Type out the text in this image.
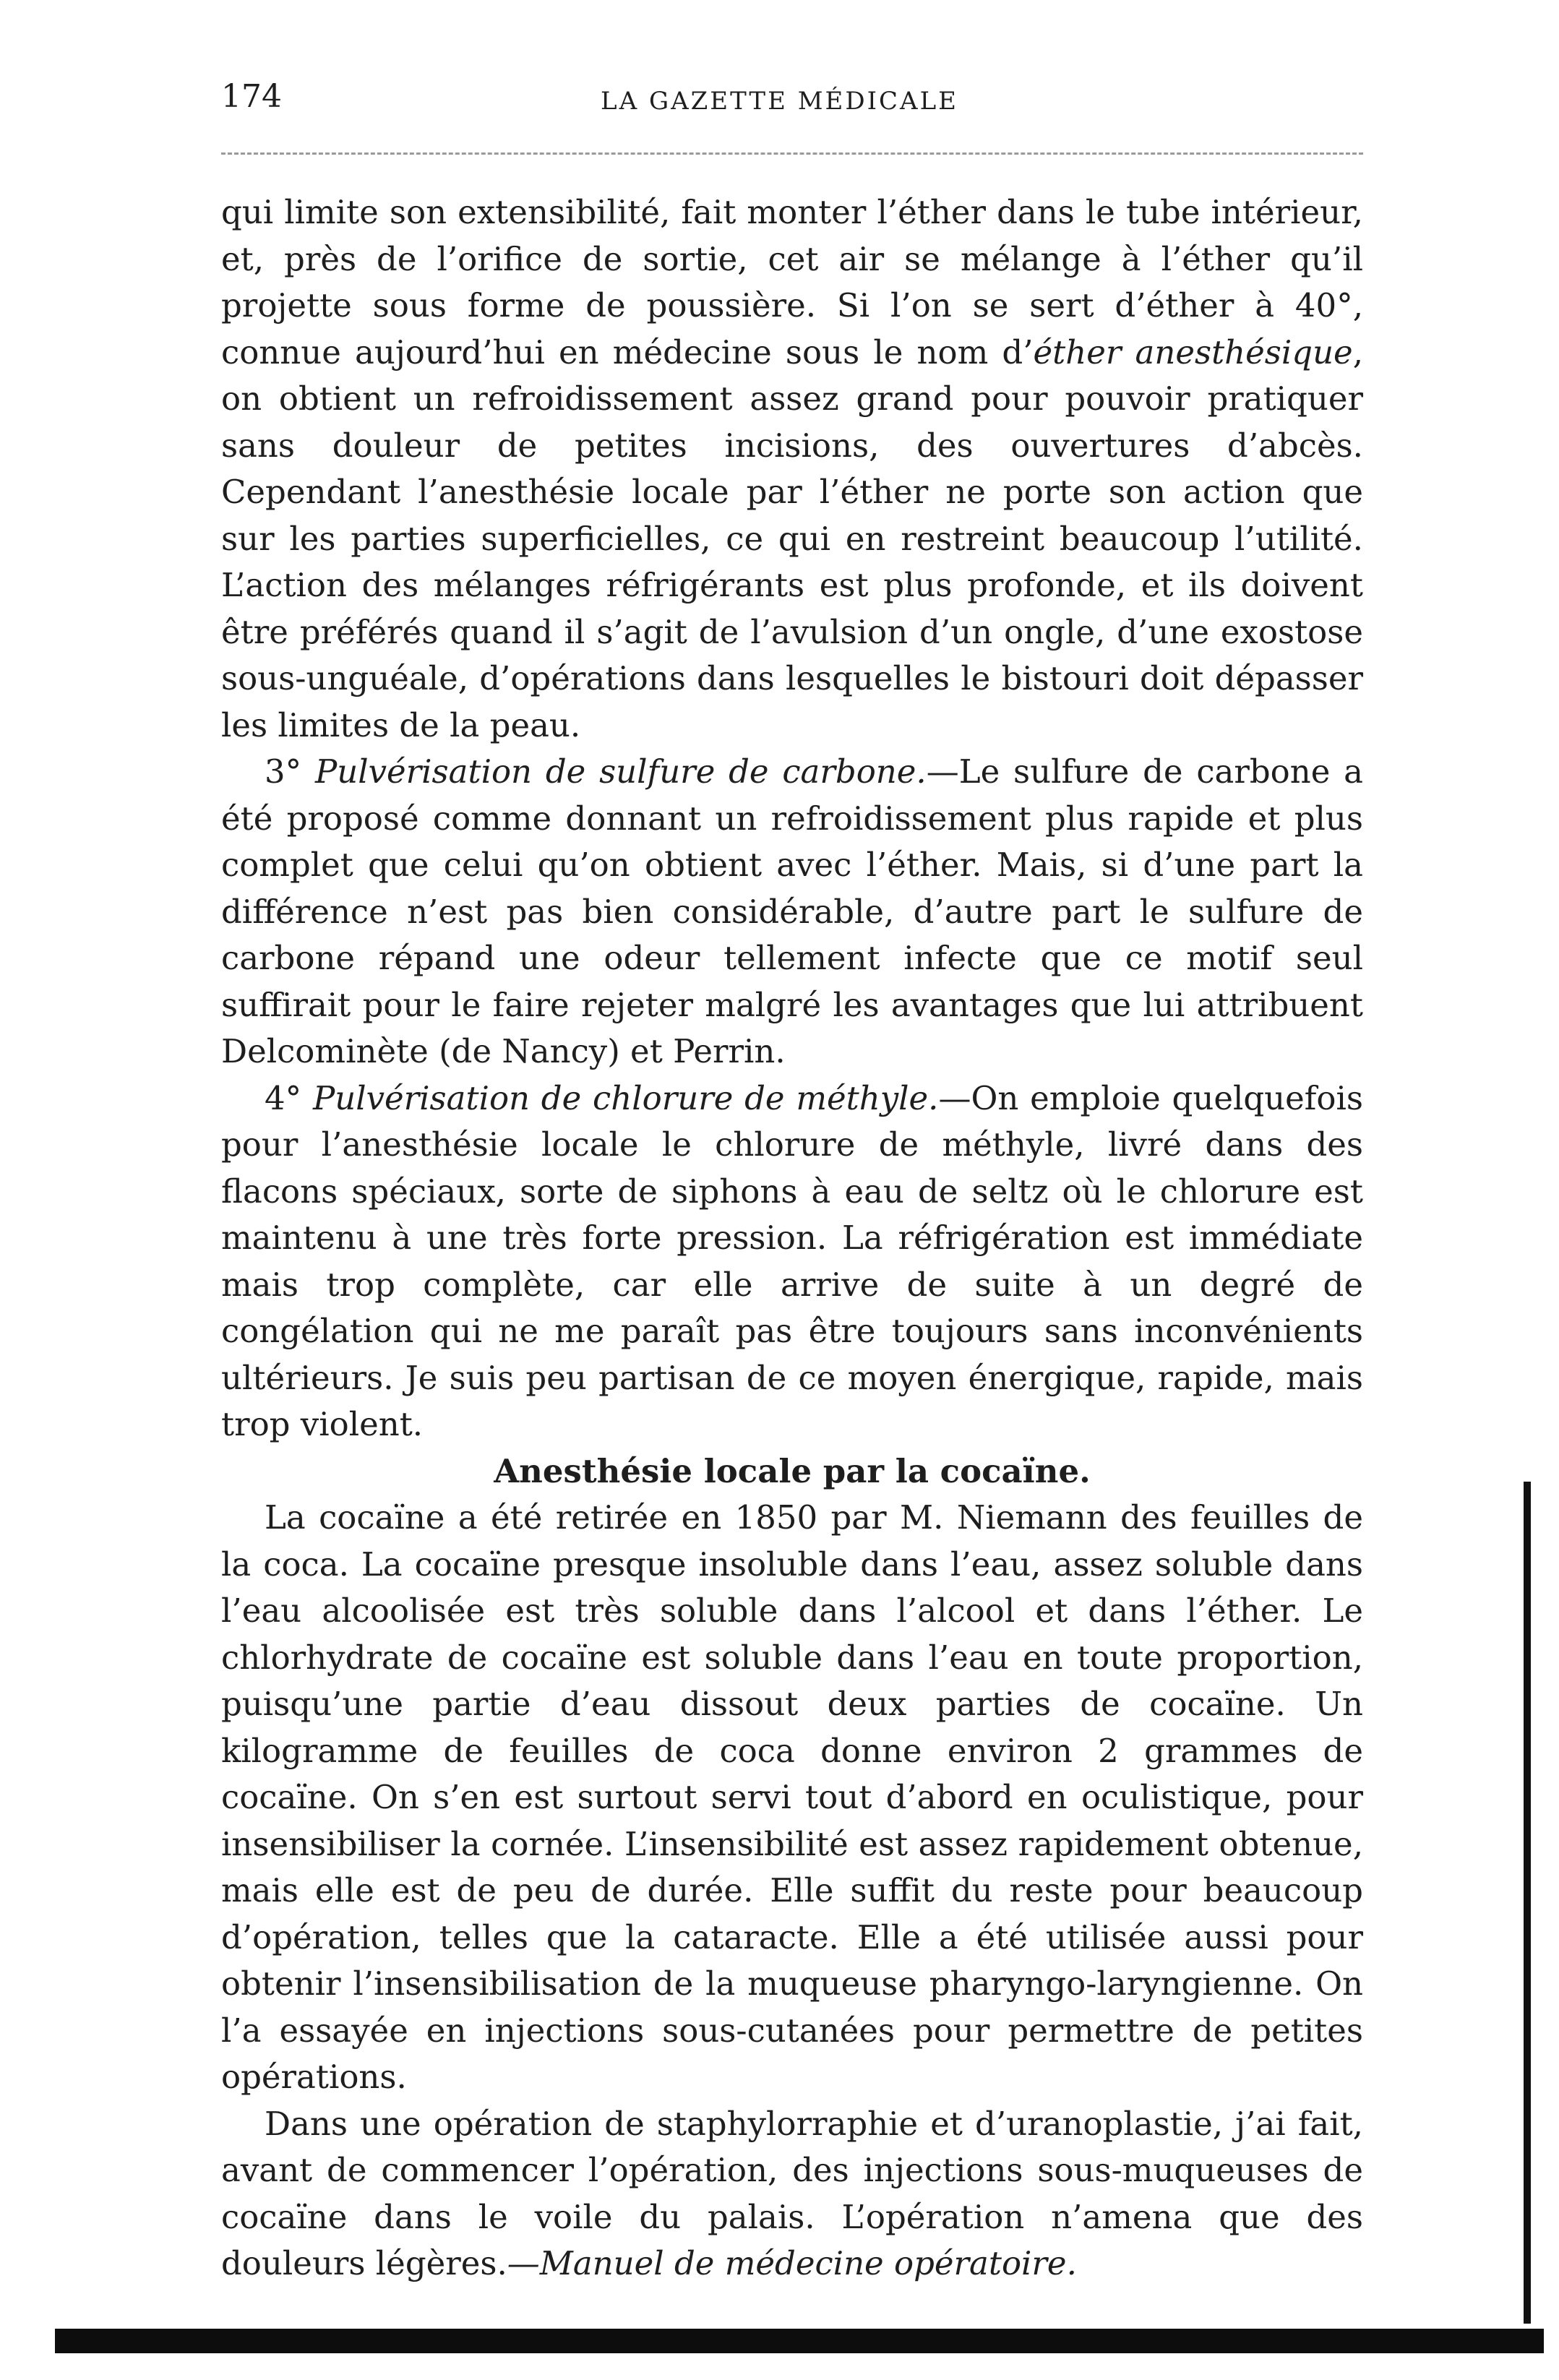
174	LA GAZETTE MÉDICALE

qui limite son extensibilité, fait monter l’éther dans le tube intérieur, et, près de l’orifice de sortie, cet air se mélange à l’éther qu’il projette sous forme de poussière. Si l’on se sert d’éther à 40°, connue aujourd’hui en médecine sous le nom d’éther anesthésique, on obtient un refroidissement assez grand pour pouvoir pratiquer sans douleur de petites incisions, des ouvertures d’abcès. Cependant l’anesthésie locale par l’éther ne porte son action que sur les parties superficielles, ce qui en restreint beaucoup l’utilité. L’action des mélanges réfrigérants est plus profonde, et ils doivent être préférés quand il s’agit de l’avulsion d’un ongle, d’une exostose sous-unguéale, d’opérations dans lesquelles le bistouri doit dépasser les limites de la peau.

3° Pulvérisation de sulfure de carbone.—Le sulfure de carbone a été proposé comme donnant un refroidissement plus rapide et plus complet que celui qu’on obtient avec l’éther. Mais, si d’une part la différence n’est pas bien considérable, d’autre part le sulfure de carbone répand une odeur tellement infecte que ce motif seul suffirait pour le faire rejeter malgré les avantages que lui attribuent Delcominète (de Nancy) et Perrin.

4° Pulvérisation de chlorure de méthyle.—On emploie quelquefois pour l’anesthésie locale le chlorure de méthyle, livré dans des flacons spéciaux, sorte de siphons à eau de seltz où le chlorure est maintenu à une très forte pression. La réfrigération est immédiate mais trop complète, car elle arrive de suite à un degré de congélation qui ne me paraît pas être toujours sans inconvénients ultérieurs. Je suis peu partisan de ce moyen énergique, rapide, mais trop violent.

Anesthésie locale par la cocaïne.

La cocaïne a été retirée en 1850 par M. Niemann des feuilles de la coca. La cocaïne presque insoluble dans l’eau, assez soluble dans l’eau alcoolisée est très soluble dans l’alcool et dans l’éther. Le chlorhydrate de cocaïne est soluble dans l’eau en toute proportion, puisqu’une partie d’eau dissout deux parties de cocaïne. Un kilogramme de feuilles de coca donne environ 2 grammes de cocaïne. On s’en est surtout servi tout d’abord en oculistique, pour insensibiliser la cornée. L’insensibilité est assez rapidement obtenue, mais elle est de peu de durée. Elle suffit du reste pour beaucoup d’opération, telles que la cataracte. Elle a été utilisée aussi pour obtenir l’insensibilisation de la muqueuse pharyngo-laryngienne. On l’a essayée en injections sous-cutanées pour permettre de petites opérations.

Dans une opération de staphylorraphie et d’uranoplastie, j’ai fait, avant de commencer l’opération, des injections sous-muqueuses de cocaïne dans le voile du palais. L’opération n’amena que des douleurs légères.—Manuel de médecine opératoire.
